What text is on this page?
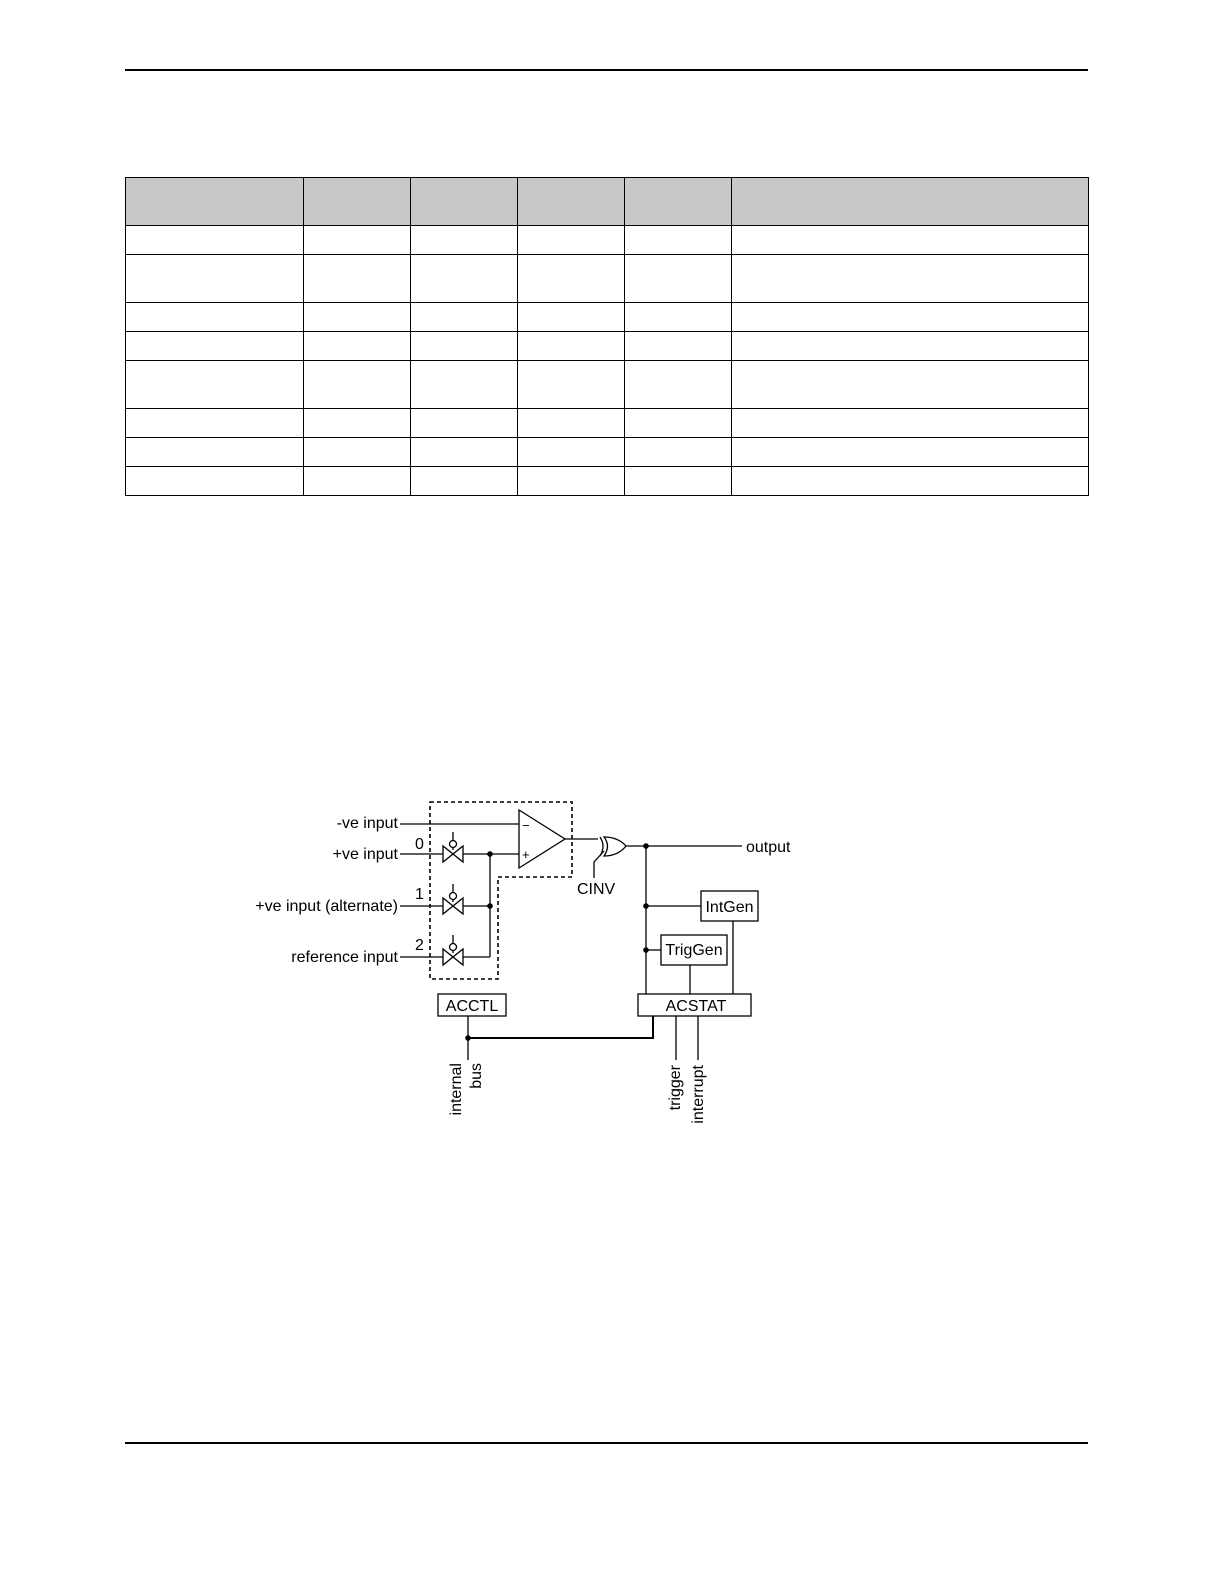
-ve input
+ve input
+ve input (alternate)
reference input
0
1
2
−
+
CINV
output
IntGen
TrigGen
ACCTL	ACSTAT
internal bus	trigger interrupt
